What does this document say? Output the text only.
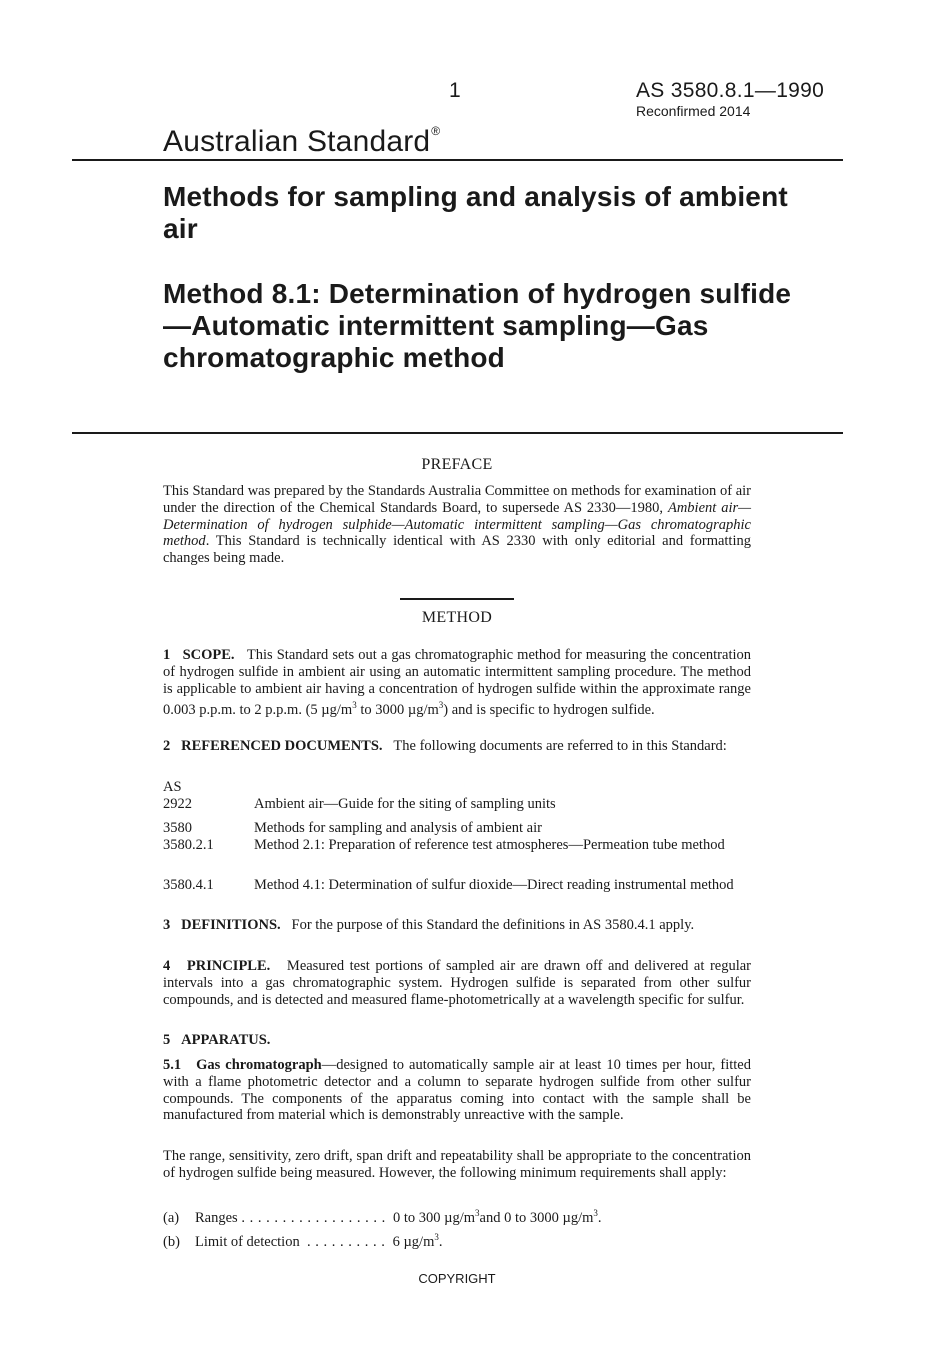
1	AS 3580.8.1—1990
Reconfirmed 2014
Australian Standard®
Methods for sampling and analysis of ambient air
Method 8.1: Determination of hydrogen sulfide—Automatic intermittent sampling—Gas chromatographic method
PREFACE
This Standard was prepared by the Standards Australia Committee on methods for examination of air under the direction of the Chemical Standards Board, to supersede AS 2330—1980, Ambient air—Determination of hydrogen sulphide—Automatic intermittent sampling—Gas chromatographic method. This Standard is technically identical with AS 2330 with only editorial and formatting changes being made.
METHOD
1 SCOPE. This Standard sets out a gas chromatographic method for measuring the concentration of hydrogen sulfide in ambient air using an automatic intermittent sampling procedure. The method is applicable to ambient air having a concentration of hydrogen sulfide within the approximate range 0.003 p.p.m. to 2 p.p.m. (5 $\mu g/m^3$ to 3000 $\mu g/m^3$) and is specific to hydrogen sulfide.
2 REFERENCED DOCUMENTS. The following documents are referred to in this Standard:
AS
2922	Ambient air—Guide for the siting of sampling units
3580	Methods for sampling and analysis of ambient air
3580.2.1	Method 2.1: Preparation of reference test atmospheres—Permeation tube method
3580.4.1	Method 4.1: Determination of sulfur dioxide—Direct reading instrumental method
3 DEFINITIONS. For the purpose of this Standard the definitions in AS 3580.4.1 apply.
4 PRINCIPLE. Measured test portions of sampled air are drawn off and delivered at regular intervals into a gas chromatographic system. Hydrogen sulfide is separated from other sulfur compounds, and is detected and measured flame-photometrically at a wavelength specific for sulfur.
5 APPARATUS.
5.1 Gas chromatograph—designed to automatically sample air at least 10 times per hour, fitted with a flame photometric detector and a column to separate hydrogen sulfide from other sulfur compounds. The components of the apparatus coming into contact with the sample shall be manufactured from material which is demonstrably unreactive with the sample.
The range, sensitivity, zero drift, span drift and repeatability shall be appropriate to the concentration of hydrogen sulfide being measured. However, the following minimum requirements shall apply:
(a) Ranges . . . . . . . . . . . . . . . . . . 0 to 300 $\mu g/m^3and$ 0 to 3000 $\mu g/m^3$.
(b) Limit of detection . . . . . . . . . . 6 $\mu g/m^3$.
COPYRIGHT
